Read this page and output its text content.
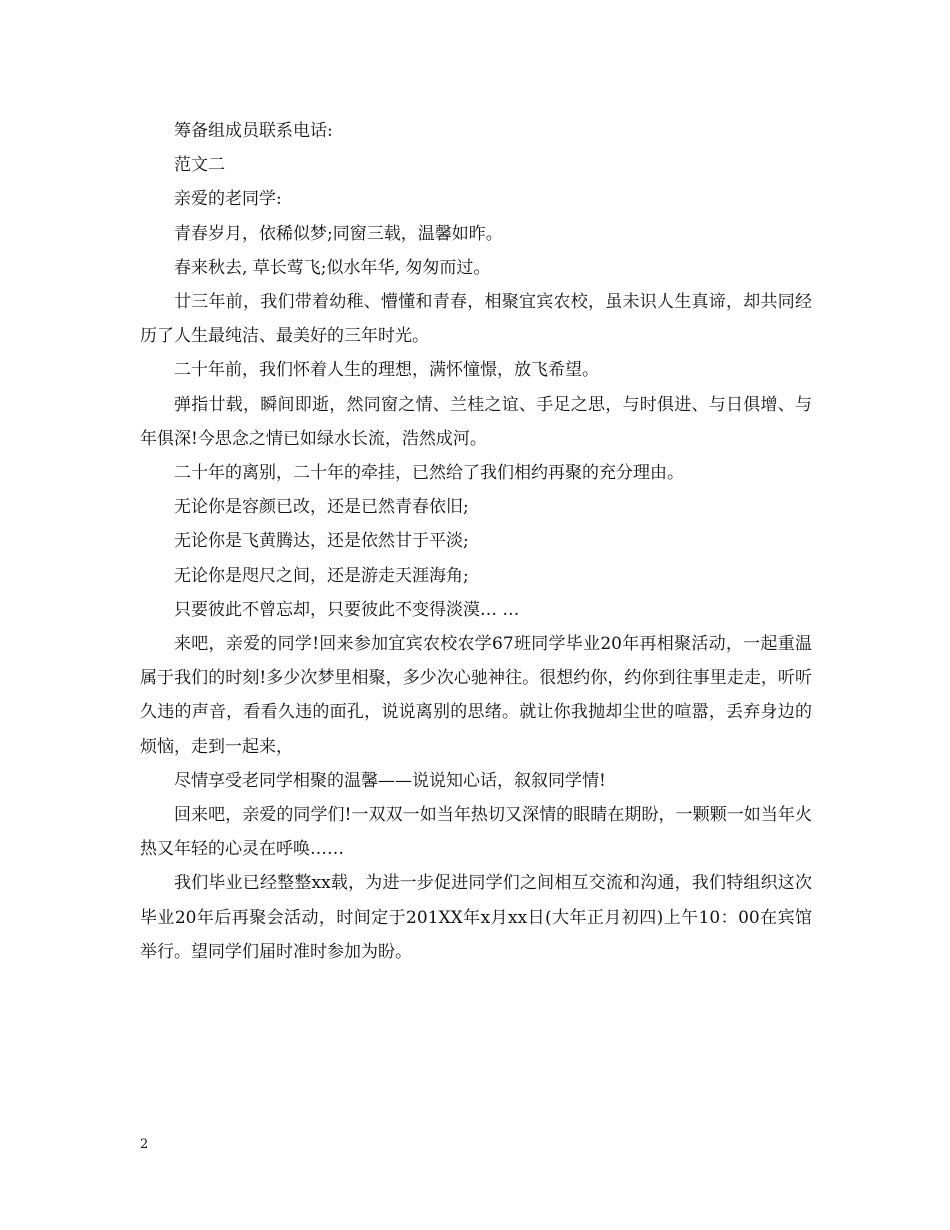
筹备组成员联系电话:

范文二

亲爱的老同学:

青春岁月，依稀似梦;同窗三载，温馨如昨。

春来秋去, 草长莺飞;似水年华, 匆匆而过。

廿三年前，我们带着幼稚、懵懂和青春，相聚宜宾农校，虽未识人生真谛，却共同经历了人生最纯洁、最美好的三年时光。

二十年前，我们怀着人生的理想，满怀憧憬，放飞希望。

弹指廿载，瞬间即逝，然同窗之情、兰桂之谊、手足之思，与时俱进、与日俱增、与年俱深!今思念之情已如绿水长流，浩然成河。

二十年的离别，二十年的牵挂，已然给了我们相约再聚的充分理由。

无论你是容颜已改，还是已然青春依旧;

无论你是飞黄腾达，还是依然甘于平淡;

无论你是咫尺之间，还是游走天涯海角;

只要彼此不曾忘却，只要彼此不变得淡漠… …

来吧，亲爱的同学!回来参加宜宾农校农学67班同学毕业20年再相聚活动，一起重温属于我们的时刻!多少次梦里相聚，多少次心驰神往。很想约你，约你到往事里走走，听听久违的声音，看看久违的面孔，说说离别的思绪。就让你我抛却尘世的喧嚣，丢弃身边的烦恼，走到一起来，

尽情享受老同学相聚的温馨——说说知心话，叙叙同学情!

回来吧，亲爱的同学们!一双双一如当年热切又深情的眼睛在期盼，一颗颗一如当年火热又年轻的心灵在呼唤……

我们毕业已经整整xx载，为进一步促进同学们之间相互交流和沟通，我们特组织这次毕业20年后再聚会活动，时间定于201XX年x月xx日(大年正月初四)上午10：00在宾馆举行。望同学们届时准时参加为盼。

2
